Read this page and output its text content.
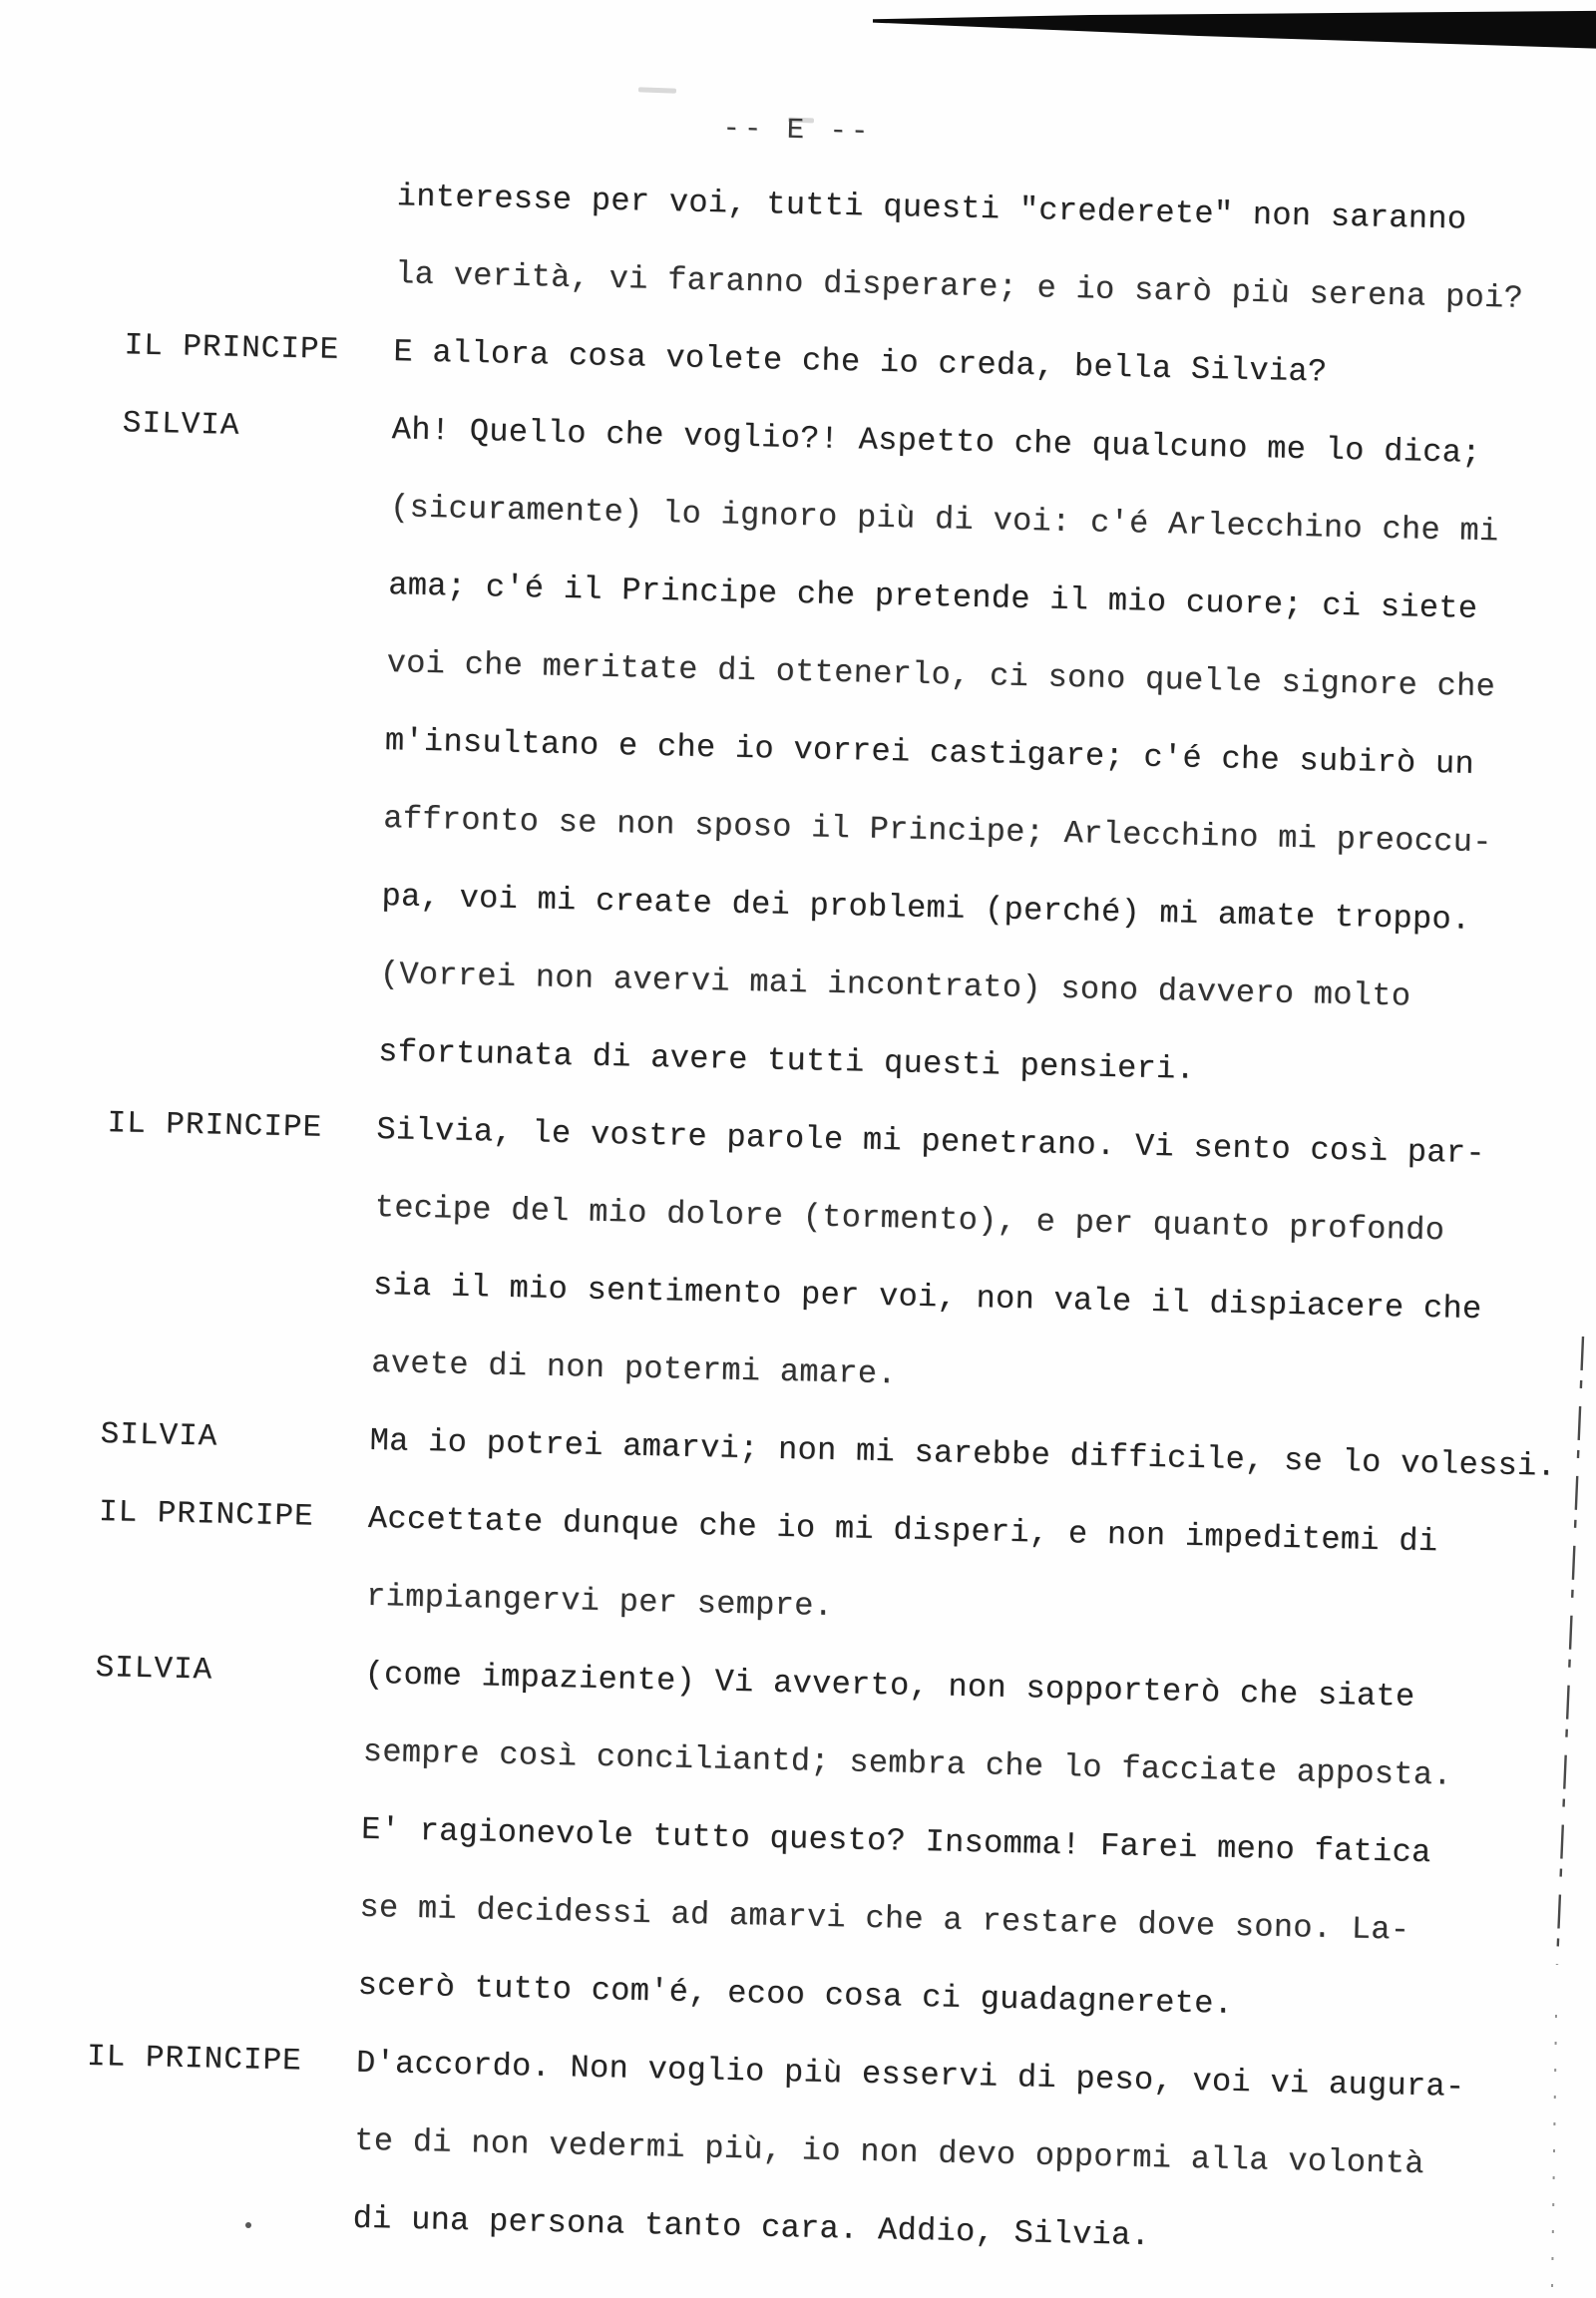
-- E --
interesse per voi, tutti questi "crederete" non saranno
la verità, vi faranno disperare; e io sarò più serena poi?
IL PRINCIPE	E allora cosa volete che io creda, bella Silvia?
SILVIA	Ah! Quello che voglio?! Aspetto che qualcuno me lo dica;
(sicuramente) lo ignoro più di voi: c'é Arlecchino che mi
ama; c'é il Principe che pretende il mio cuore; ci siete
voi che meritate di ottenerlo, ci sono quelle signore che
m'insultano e che io vorrei castigare; c'é che subirò un
affronto se non sposo il Principe; Arlecchino mi preoccu-
pa, voi mi create dei problemi (perché) mi amate troppo.
(Vorrei non avervi mai incontrato) sono davvero molto
sfortunata di avere tutti questi pensieri.
IL PRINCIPE	Silvia, le vostre parole mi penetrano. Vi sento così par-
tecipe del mio dolore (tormento), e per quanto profondo
sia il mio sentimento per voi, non vale il dispiacere che
avete di non potermi amare.
SILVIA	Ma io potrei amarvi; non mi sarebbe difficile, se lo volessi.
IL PRINCIPE	Accettate dunque che io mi disperi, e non impeditemi di
rimpiangervi per sempre.
SILVIA	(come impaziente) Vi avverto, non sopporterò che siate
sempre così conciliantd; sembra che lo facciate apposta.
E' ragionevole tutto questo? Insomma! Farei meno fatica
se mi decidessi ad amarvi che a restare dove sono. La-
scerò tutto com'é, ecoo cosa ci guadagnerete.
IL PRINCIPE	D'accordo. Non voglio più esservi di peso, voi vi augura-
te di non vedermi più, io non devo oppormi alla volontà
di una persona tanto cara. Addio, Silvia.
